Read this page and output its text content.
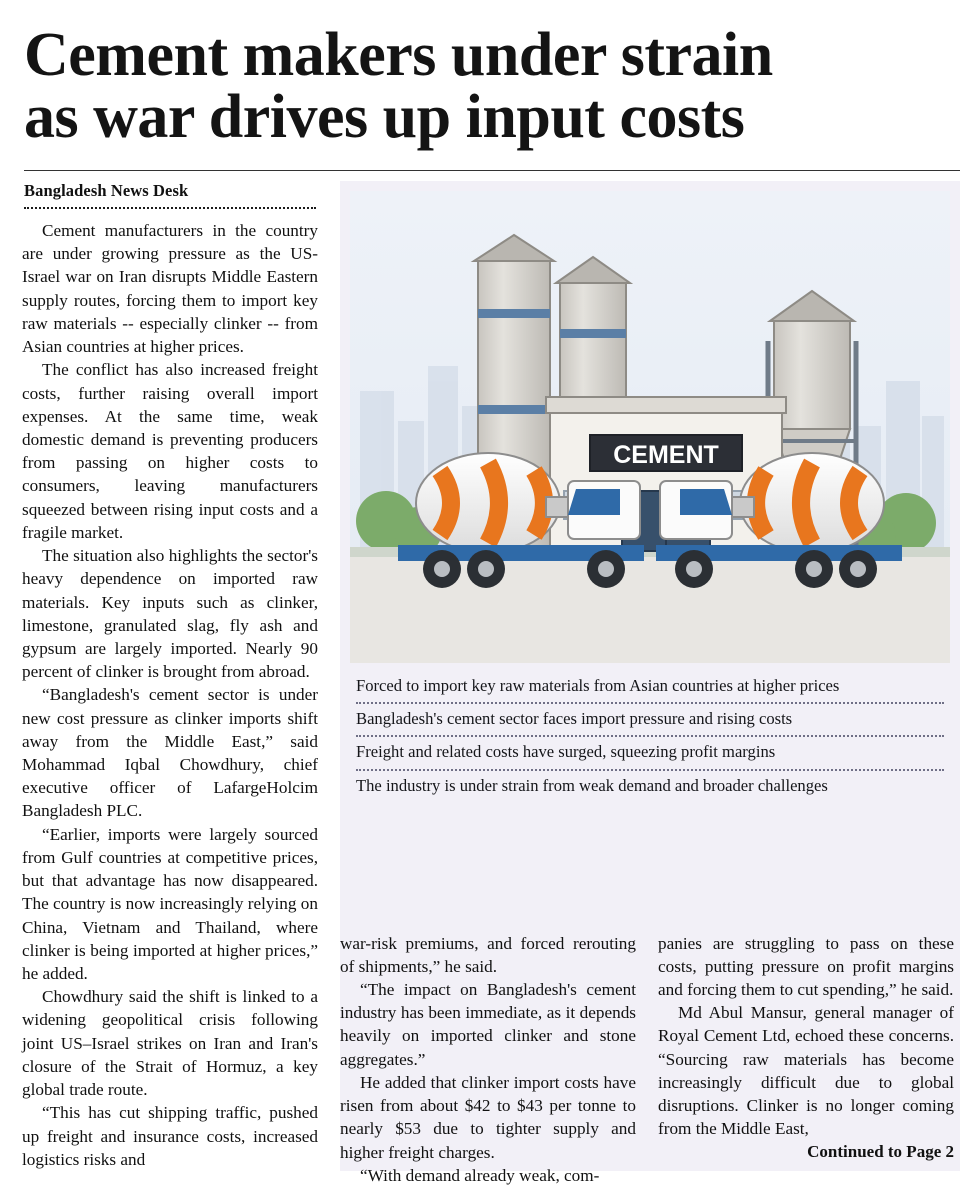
Cement makers under strain
as war drives up input costs
Bangladesh News Desk

Cement manufacturers in the country are under growing pressure as the US-Israel war on Iran disrupts Middle Eastern supply routes, forcing them to import key raw materials -- especially clinker -- from Asian countries at higher prices.

The conflict has also increased freight costs, further raising overall import expenses. At the same time, weak domestic demand is preventing producers from passing on higher costs to consumers, leaving manufacturers squeezed between rising input costs and a fragile market.

The situation also highlights the sector's heavy dependence on imported raw materials. Key inputs such as clinker, limestone, granulated slag, fly ash and gypsum are largely imported. Nearly 90 percent of clinker is brought from abroad.

“Bangladesh's cement sector is under new cost pressure as clinker imports shift away from the Middle East,” said Mohammad Iqbal Chowdhury, chief executive officer of LafargeHolcim Bangladesh PLC.

“Earlier, imports were largely sourced from Gulf countries at competitive prices, but that advantage has now disappeared. The country is now increasingly relying on China, Vietnam and Thailand, where clinker is being imported at higher prices,” he added.

Chowdhury said the shift is linked to a widening geopolitical crisis following joint US–Israel strikes on Iran and Iran's closure of the Strait of Hormuz, a key global trade route.

“This has cut shipping traffic, pushed up freight and insurance costs, increased logistics risks and

CEMENT
Forced to import key raw materials from Asian countries at higher prices
Bangladesh's cement sector faces import pressure and rising costs
Freight and related costs have surged, squeezing profit margins
The industry is under strain from weak demand and broader challenges

war-risk premiums, and forced rerouting of shipments,” he said.

“The impact on Bangladesh's cement industry has been immediate, as it depends heavily on imported clinker and stone aggregates.”

He added that clinker import costs have risen from about $42 to $43 per tonne to nearly $53 due to tighter supply and higher freight charges.

“With demand already weak, com-

panies are struggling to pass on these costs, putting pressure on profit margins and forcing them to cut spending,” he said.

Md Abul Mansur, general manager of Royal Cement Ltd, echoed these concerns. “Sourcing raw materials has become increasingly difficult due to global disruptions. Clinker is no longer coming from the Middle East,

Continued to Page 2
